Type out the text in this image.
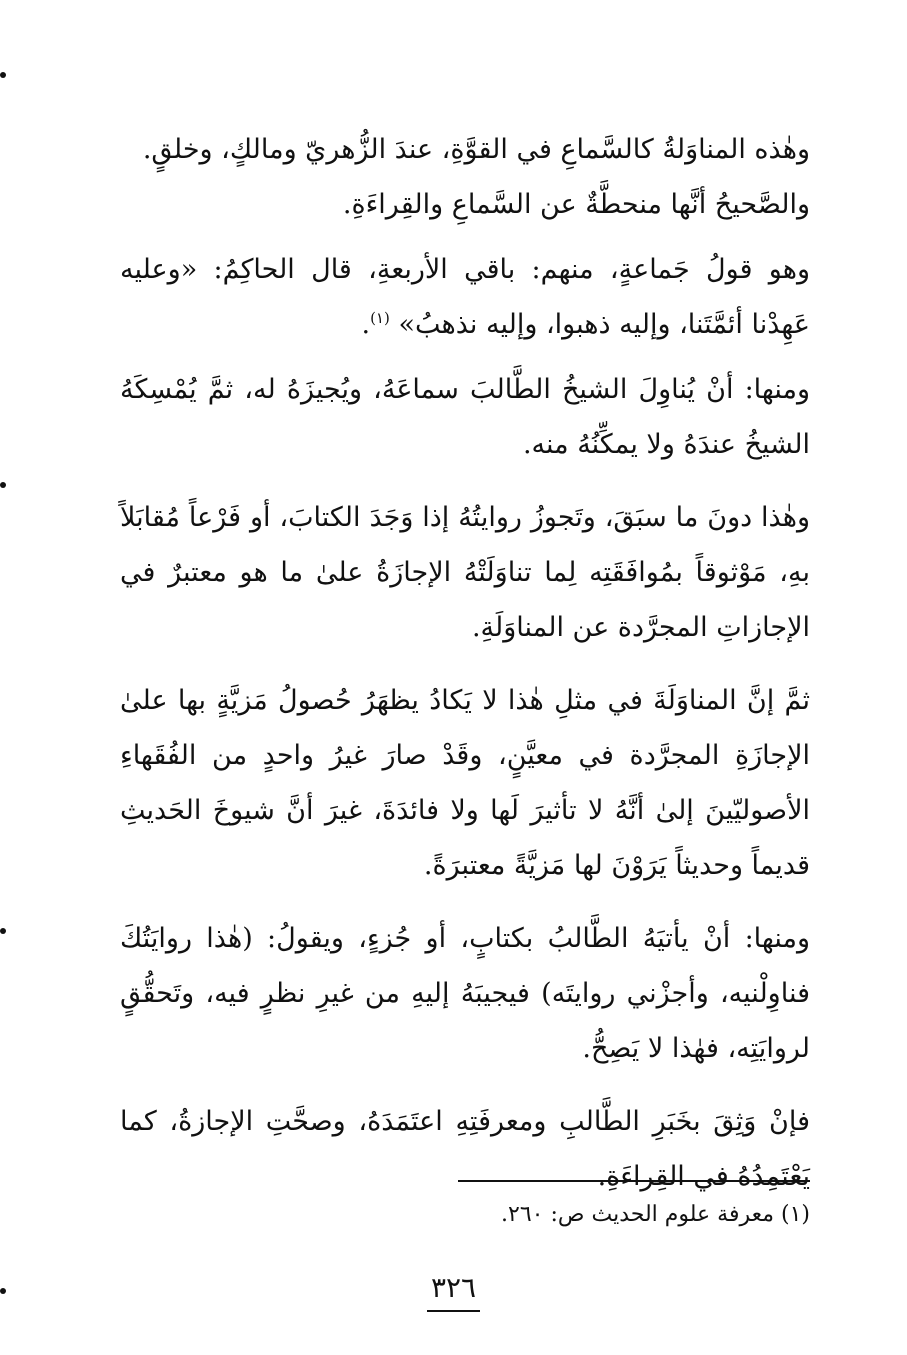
وهٰذه المناوَلةُ كالسَّماعِ في القوَّةِ، عندَ الزُّهريّ ومالكٍ، وخلقٍ.

والصَّحيحُ أنَّها منحطَّةٌ عن السَّماعِ والقِراءَةِ.

وهو قولُ جَماعةٍ، منهم: باقي الأربعةِ، قال الحاكِمُ: «وعليه عَهِدْنا أئمَّتَنا، وإليه ذهبوا، وإليه نذهبُ» $^{(١)}$.

ومنها: أنْ يُناوِلَ الشيخُ الطَّالبَ سماعَهُ، ويُجيزَهُ له، ثمَّ يُمْسِكَهُ الشيخُ عندَهُ ولا يمكِّنُهُ منه.

وهٰذا دونَ ما سبَقَ، وتَجوزُ روايتُهُ إذا وَجَدَ الكتابَ، أو فَرْعاً مُقابَلاً بهِ، مَوْثوقاً بمُوافَقَتِه لِما تناوَلَتْهُ الإجازَةُ علىٰ ما هو معتبرٌ في الإجازاتِ المجرَّدة عن المناوَلَةِ.

ثمَّ إنَّ المناوَلَةَ في مثلِ هٰذا لا يَكادُ يظهَرُ حُصولُ مَزيَّةٍ بها علىٰ الإجازَةِ المجرَّدة في معيَّنٍ، وقَدْ صارَ غيرُ واحدٍ من الفُقَهاءِ الأصوليّينَ إلىٰ أنَّهُ لا تأثيرَ لَها ولا فائدَةَ، غيرَ أنَّ شيوخَ الحَديثِ قديماً وحديثاً يَرَوْنَ لها مَزيَّةً معتبرَةً.

ومنها: أنْ يأتيَهُ الطَّالبُ بكتابٍ، أو جُزءٍ، ويقولُ: (هٰذا روايَتُكَ فناوِلْنيه، وأجزْني روايتَه) فيجيبَهُ إليهِ من غيرِ نظرٍ فيه، وتَحقُّقٍ لروايَتِه، فهٰذا لا يَصِحُّ.

فإنْ وَثِقَ بخَبَرِ الطَّالبِ ومعرفَتِهِ اعتَمَدَهُ، وصحَّتِ الإجازةُ، كما يَعْتَمِدُهُ في القِراءَةِ.

(١) معرفة علوم الحديث ص: ٢٦٠.
٣٢٦
